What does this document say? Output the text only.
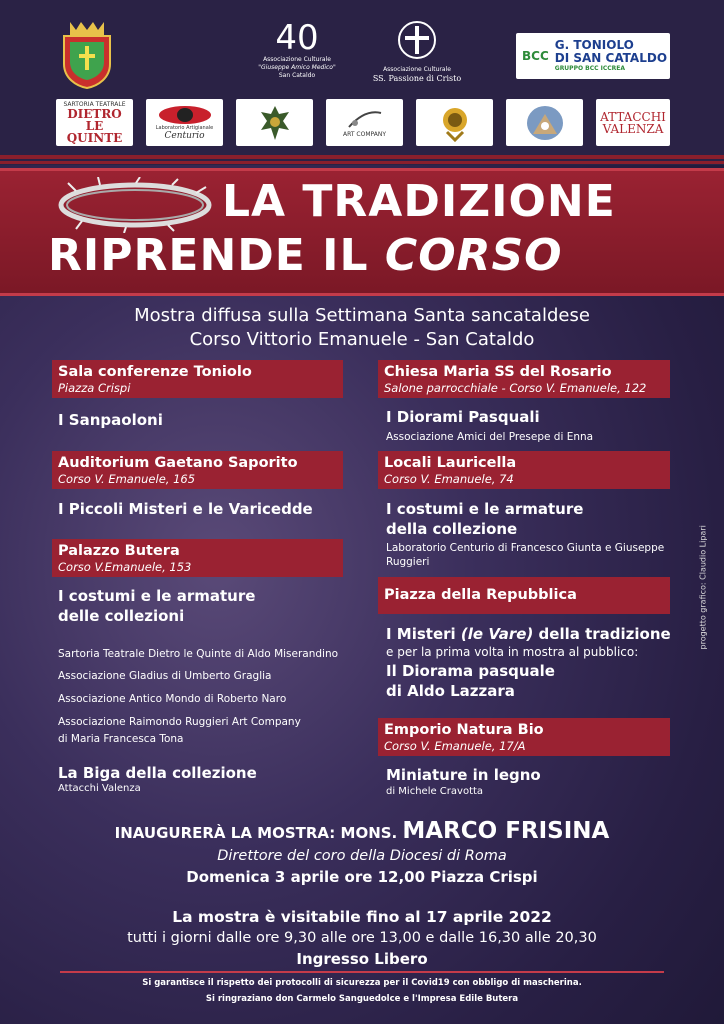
40
Associazione Culturale
"Giuseppe Amico Medico"
San Cataldo
Associazione Culturale
SS. Passione di Cristo
BCC
G. TONIOLO
DI SAN CATALDO
GRUPPO BCC ICCREA
SARTORIA TEATRALE
DIETRO
LE QUINTE
Laboratorio Artigianale
Centurio	ART COMPANY
ATTACCHI
VALENZA
LA TRADIZIONE
RIPRENDE IL CORSO
Mostra diffusa sulla Settimana Santa sancataldese
Corso Vittorio Emanuele - San Cataldo
Sala conferenze Toniolo
Piazza Crispi
I Sanpaoloni
Auditorium Gaetano Saporito
Corso V. Emanuele, 165
I Piccoli Misteri e le Varicedde
Palazzo Butera
Corso V.Emanuele, 153
I costumi e le armature
delle collezioni
Sartoria Teatrale Dietro le Quinte di Aldo Miserandino
Associazione Gladius di Umberto Graglia
Associazione Antico Mondo di Roberto Naro
Associazione Raimondo Ruggieri Art Company
di Maria Francesca Tona
La Biga della collezione
Attacchi Valenza
Chiesa Maria SS del Rosario
Salone parrocchiale - Corso V. Emanuele, 122
I Diorami Pasquali
Associazione Amici del Presepe di Enna
Locali Lauricella
Corso V. Emanuele, 74
I costumi e le armature
della collezione
Laboratorio Centurio di Francesco Giunta e Giuseppe
Ruggieri
Piazza della Repubblica
I Misteri (le Vare) della tradizione
e per la prima volta in mostra al pubblico:
Il Diorama pasquale
di Aldo Lazzara
Emporio Natura Bio
Corso V. Emanuele, 17/A
Miniature in legno
di Michele Cravotta
progetto grafico: Claudio Lipari
INAUGURERÀ LA MOSTRA: MONS. MARCO FRISINA
Direttore del coro della Diocesi di Roma
Domenica 3 aprile ore 12,00 Piazza Crispi
La mostra è visitabile fino al 17 aprile 2022
tutti i giorni dalle ore 9,30 alle ore 13,00 e dalle 16,30 alle 20,30
Ingresso Libero
Si garantisce il rispetto dei protocolli di sicurezza per il Covid19 con obbligo di mascherina.
Si ringraziano don Carmelo Sanguedolce e l'Impresa Edile Butera
